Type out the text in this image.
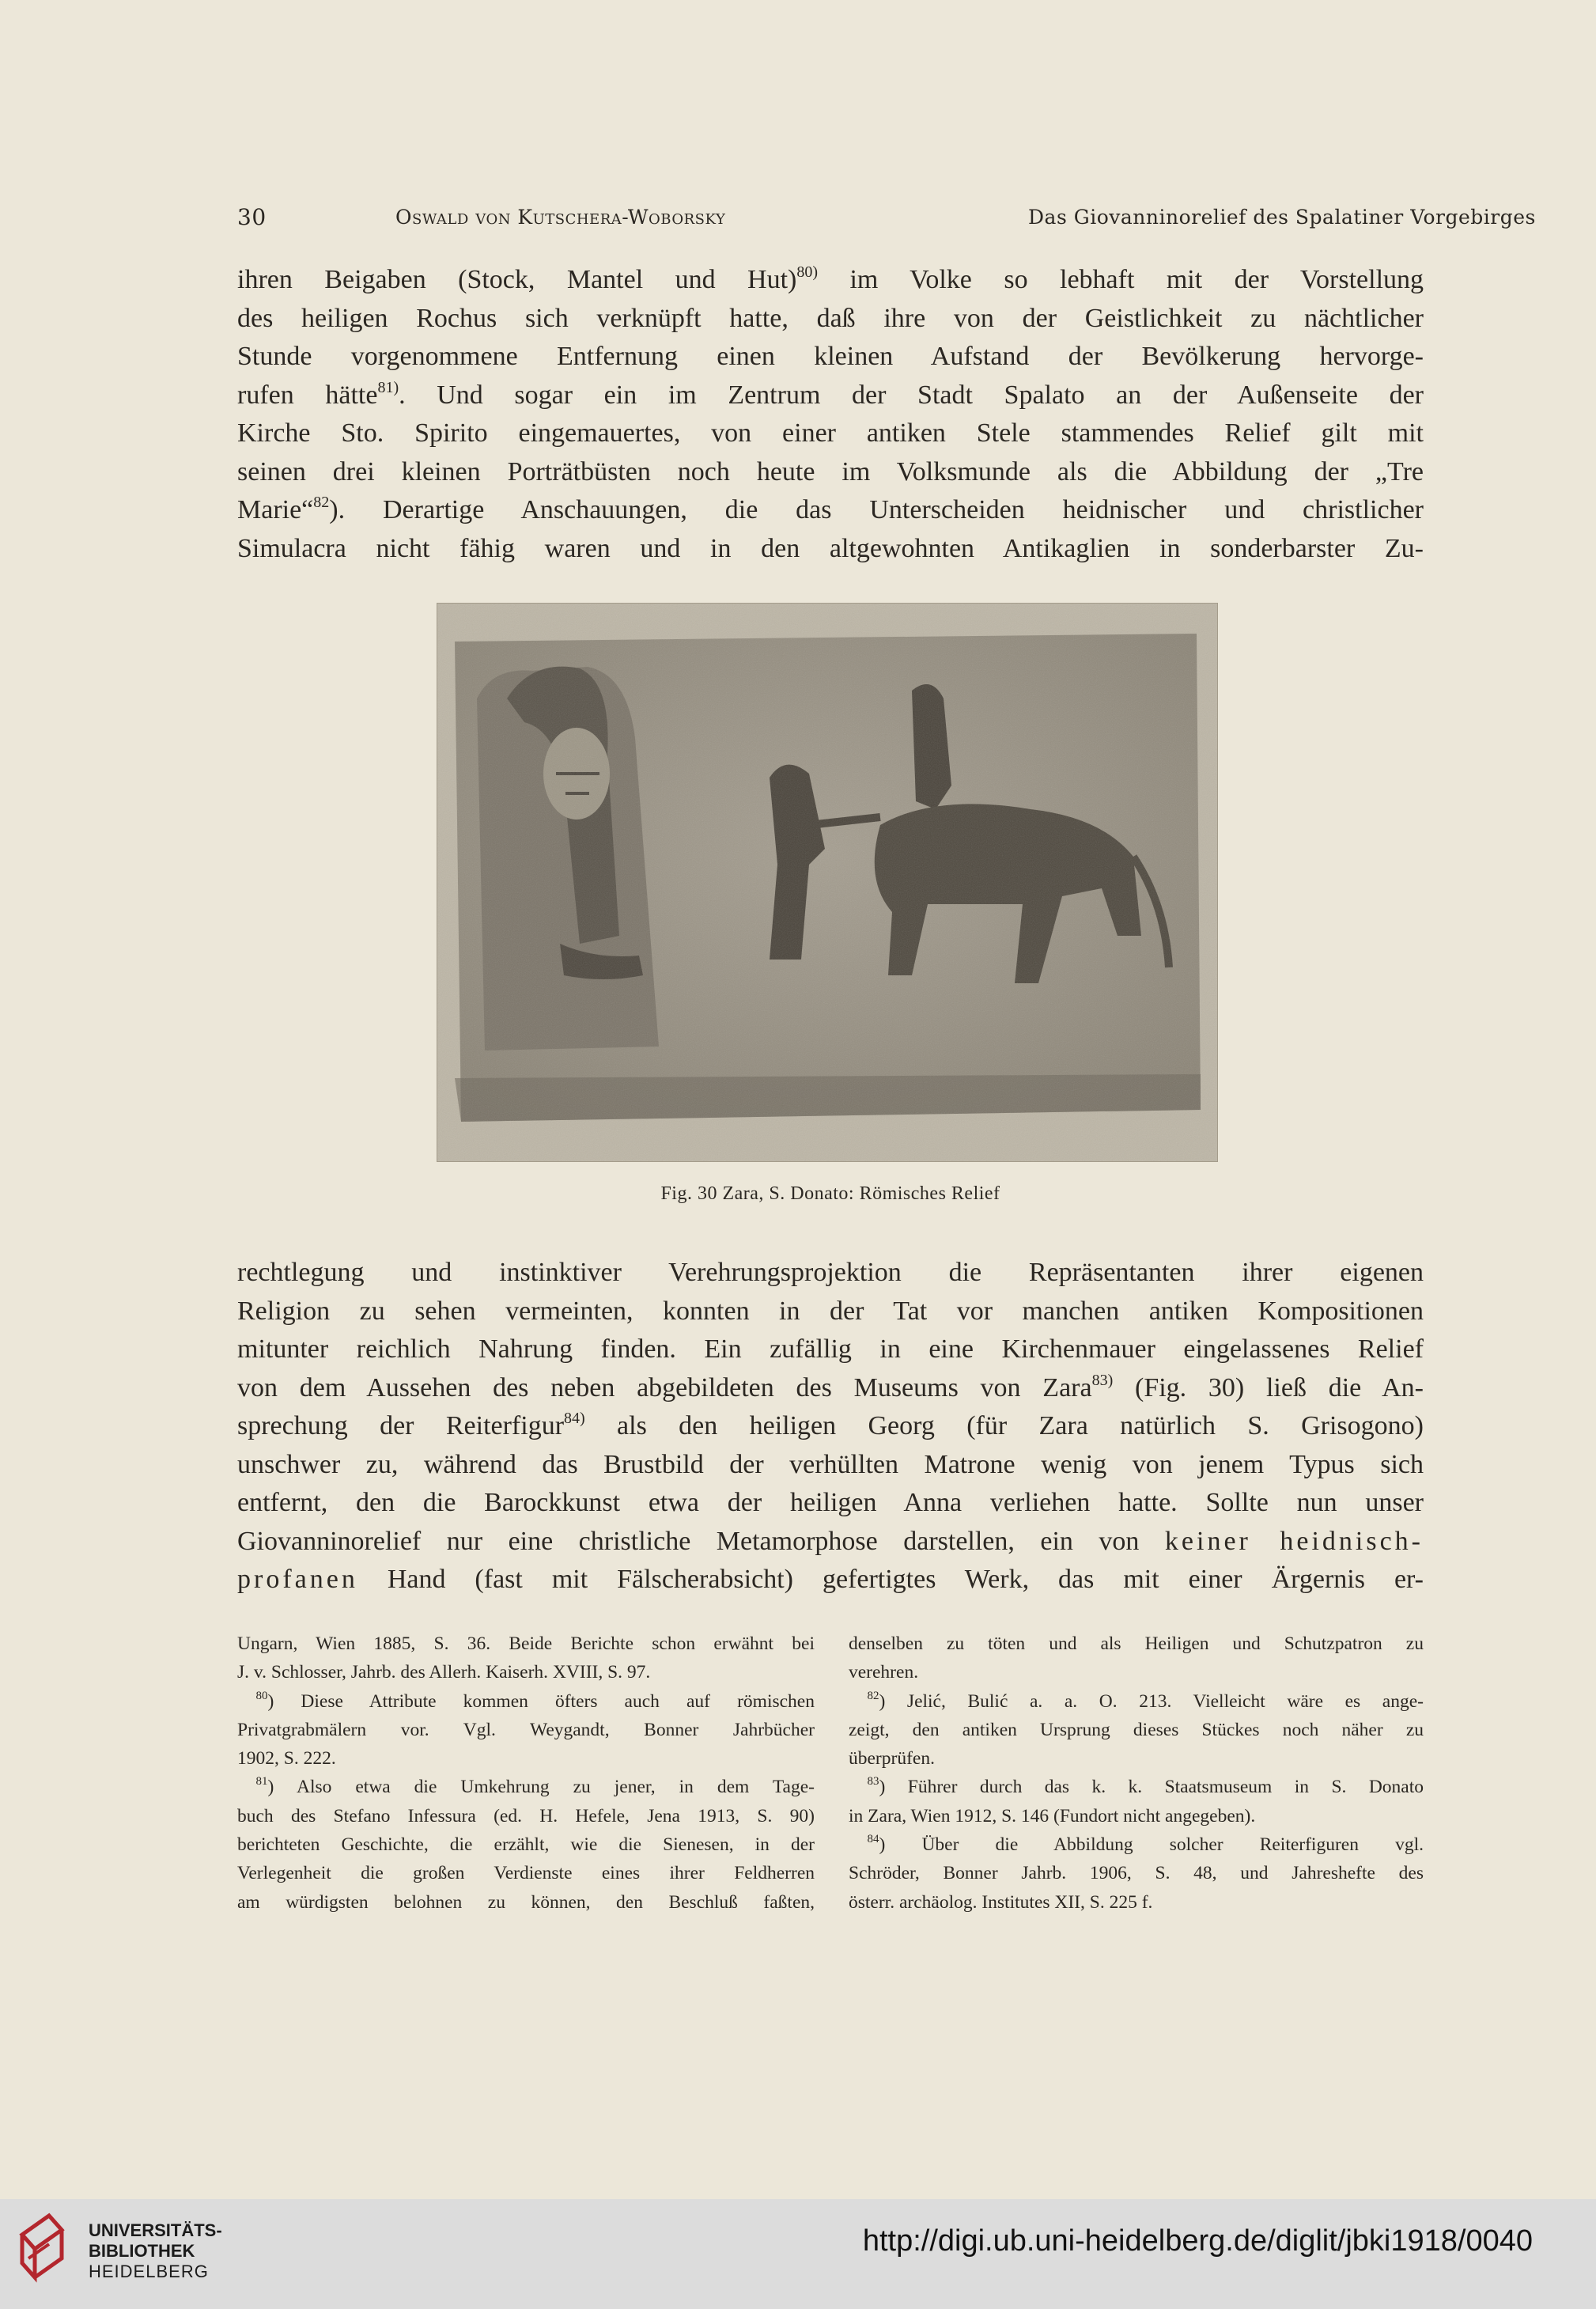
30	Oswald von Kutschera-Woborsky	Das Giovanninorelief des Spalatiner Vorgebirges
ihren Beigaben (Stock, Mantel und Hut)$^{80)}$ im Volke so lebhaft mit der Vorstellung
des heiligen Rochus sich verknüpft hatte, daß ihre von der Geistlichkeit zu nächtlicher
Stunde vorgenommene Entfernung einen kleinen Aufstand der Bevölkerung hervorge-
rufen hätte$^{81)}$. Und sogar ein im Zentrum der Stadt Spalato an der Außenseite der
Kirche Sto. Spirito eingemauertes, von einer antiken Stele stammendes Relief gilt mit
seinen drei kleinen Porträtbüsten noch heute im Volksmunde als die Abbildung der „Tre
Marie“$^{82}$). Derartige Anschauungen, die das Unterscheiden heidnischer und christlicher
Simulacra nicht fähig waren und in den altgewohnten Antikaglien in sonderbarster Zu-
Fig. 30 Zara, S. Donato: Römisches Relief
rechtlegung und instinktiver Verehrungsprojektion die Repräsentanten ihrer eigenen
Religion zu sehen vermeinten, konnten in der Tat vor manchen antiken Kompositionen
mitunter reichlich Nahrung finden. Ein zufällig in eine Kirchenmauer eingelassenes Relief
von dem Aussehen des neben abgebildeten des Museums von Zara$^{83)}$ (Fig. 30) ließ die An-
sprechung der Reiterfigur$^{84)}$ als den heiligen Georg (für Zara natürlich S. Grisogono)
unschwer zu, während das Brustbild der verhüllten Matrone wenig von jenem Typus sich
entfernt, den die Barockkunst etwa der heiligen Anna verliehen hatte. Sollte nun unser
Giovanninorelief nur eine christliche Metamorphose darstellen, ein von keiner heidnisch-
profanen Hand (fast mit Fälscherabsicht) gefertigtes Werk, das mit einer Ärgernis er-
Ungarn, Wien 1885, S. 36. Beide Berichte schon erwähnt bei
J. v. Schlosser, Jahrb. des Allerh. Kaiserh. XVIII, S. 97.
 $^{80}$) Diese Attribute kommen öfters auch auf römischen
Privatgrabmälern vor. Vgl. Weygandt, Bonner Jahrbücher
1902, S. 222.
 $^{81}$) Also etwa die Umkehrung zu jener, in dem Tage-
buch des Stefano Infessura (ed. H. Hefele, Jena 1913, S. 90)
berichteten Geschichte, die erzählt, wie die Sienesen, in der
Verlegenheit die großen Verdienste eines ihrer Feldherren
am würdigsten belohnen zu können, den Beschluß faßten,
denselben zu töten und als Heiligen und Schutzpatron zu
verehren.
 $^{82}$) Jelić, Bulić a. a. O. 213. Vielleicht wäre es ange-
zeigt, den antiken Ursprung dieses Stückes noch näher zu
überprüfen.
 $^{83}$) Führer durch das k. k. Staatsmuseum in S. Donato
in Zara, Wien 1912, S. 146 (Fundort nicht angegeben).
 $^{84}$) Über die Abbildung solcher Reiterfiguren vgl.
Schröder, Bonner Jahrb. 1906, S. 48, und Jahreshefte des
österr. archäolog. Institutes XII, S. 225 f.
UNIVERSITÄTS-
BIBLIOTHEK
HEIDELBERG
http://digi.ub.uni-heidelberg.de/diglit/jbki1918/0040
